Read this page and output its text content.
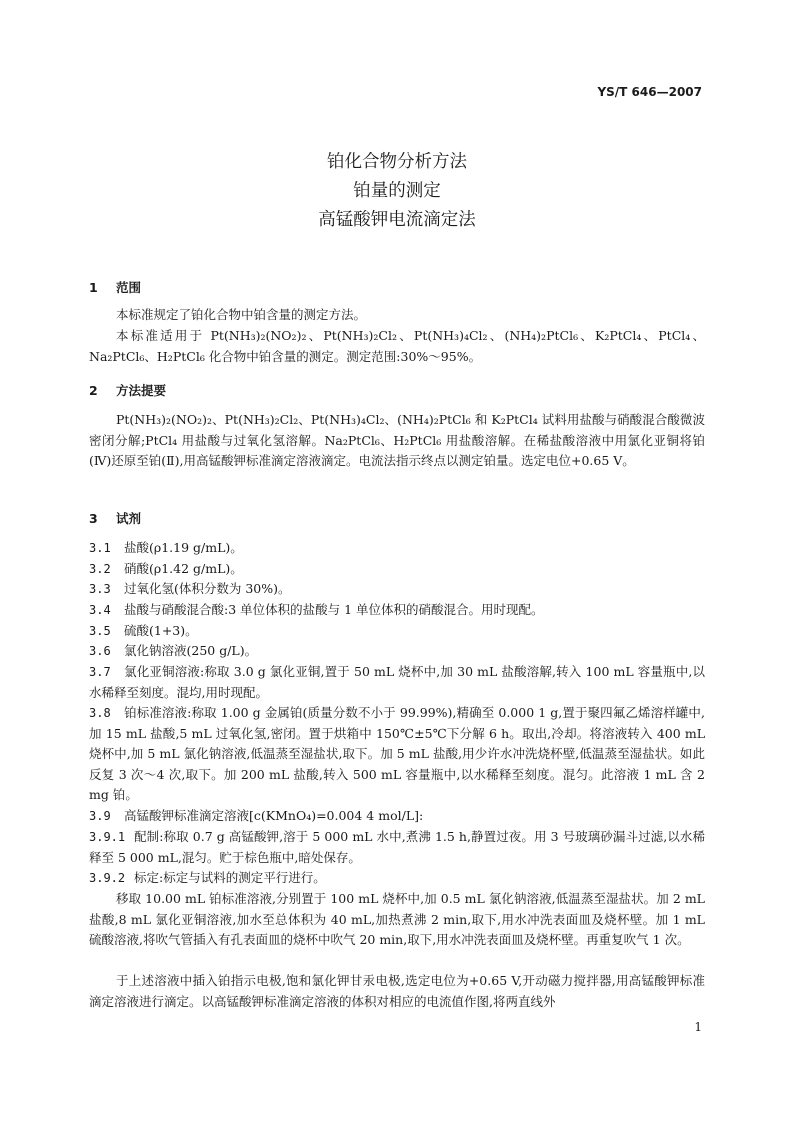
YS/T 646—2007
铂化合物分析方法
铂量的测定
高锰酸钾电流滴定法
1 范围

本标准规定了铂化合物中铂含量的测定方法。

本标准适用于 Pt(NH₃)₂(NO₂)₂、Pt(NH₃)₂Cl₂、Pt(NH₃)₄Cl₂、(NH₄)₂PtCl₆、K₂PtCl₄、PtCl₄、Na₂PtCl₆、H₂PtCl₆ 化合物中铂含量的测定。测定范围:30%～95%。

2 方法提要

Pt(NH₃)₂(NO₂)₂、Pt(NH₃)₂Cl₂、Pt(NH₃)₄Cl₂、(NH₄)₂PtCl₆ 和 K₂PtCl₄ 试料用盐酸与硝酸混合酸微波密闭分解;PtCl₄ 用盐酸与过氧化氢溶解。Na₂PtCl₆、H₂PtCl₆ 用盐酸溶解。在稀盐酸溶液中用氯化亚铜将铂(Ⅳ)还原至铂(Ⅱ),用高锰酸钾标准滴定溶液滴定。电流法指示终点以测定铂量。选定电位+0.65 V。

3 试剂

3.1 盐酸(ρ1.19 g/mL)。

3.2 硝酸(ρ1.42 g/mL)。

3.3 过氧化氢(体积分数为 30%)。

3.4 盐酸与硝酸混合酸:3 单位体积的盐酸与 1 单位体积的硝酸混合。用时现配。

3.5 硫酸(1+3)。

3.6 氯化钠溶液(250 g/L)。

3.7 氯化亚铜溶液:称取 3.0 g 氯化亚铜,置于 50 mL 烧杯中,加 30 mL 盐酸溶解,转入 100 mL 容量瓶中,以水稀释至刻度。混均,用时现配。

3.8 铂标准溶液:称取 1.00 g 金属铂(质量分数不小于 99.99%),精确至 0.000 1 g,置于聚四氟乙烯溶样罐中,加 15 mL 盐酸,5 mL 过氧化氢,密闭。置于烘箱中 150℃±5℃下分解 6 h。取出,冷却。将溶液转入 400 mL 烧杯中,加 5 mL 氯化钠溶液,低温蒸至湿盐状,取下。加 5 mL 盐酸,用少许水冲洗烧杯壁,低温蒸至湿盐状。如此反复 3 次～4 次,取下。加 200 mL 盐酸,转入 500 mL 容量瓶中,以水稀释至刻度。混匀。此溶液 1 mL 含 2 mg 铂。

3.9 高锰酸钾标准滴定溶液[c(KMnO₄)=0.004 4 mol/L]:

3.9.1 配制:称取 0.7 g 高锰酸钾,溶于 5 000 mL 水中,煮沸 1.5 h,静置过夜。用 3 号玻璃砂漏斗过滤,以水稀释至 5 000 mL,混匀。贮于棕色瓶中,暗处保存。

3.9.2 标定:标定与试料的测定平行进行。

移取 10.00 mL 铂标准溶液,分别置于 100 mL 烧杯中,加 0.5 mL 氯化钠溶液,低温蒸至湿盐状。加 2 mL 盐酸,8 mL 氯化亚铜溶液,加水至总体积为 40 mL,加热煮沸 2 min,取下,用水冲洗表面皿及烧杯壁。加 1 mL 硫酸溶液,将吹气管插入有孔表面皿的烧杯中吹气 20 min,取下,用水冲洗表面皿及烧杯壁。再重复吹气 1 次。

于上述溶液中插入铂指示电极,饱和氯化钾甘汞电极,选定电位为+0.65 V,开动磁力搅拌器,用高锰酸钾标准滴定溶液进行滴定。以高锰酸钾标准滴定溶液的体积对相应的电流值作图,将两直线外

1
